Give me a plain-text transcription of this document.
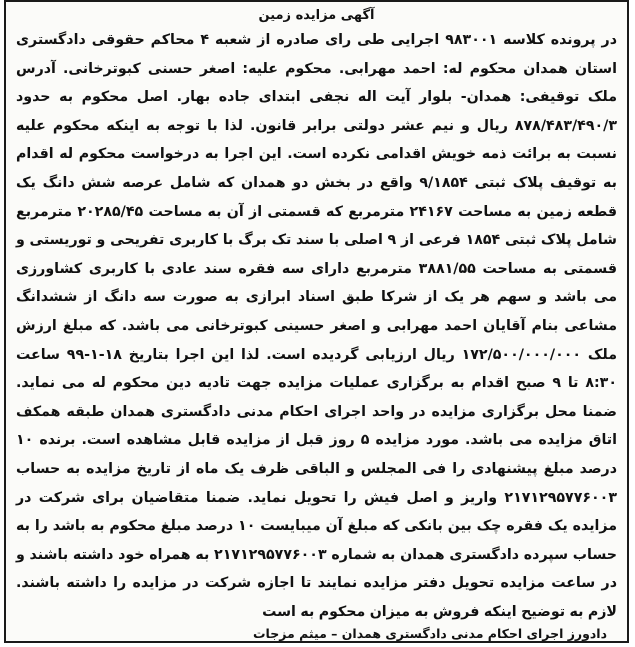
آگهی مزایده زمین

در پرونده کلاسه ۹۸۳۰۰۱ اجرایی طی رای صادره از شعبه ۴ محاکم حقوقی دادگستری استان همدان محکوم له: احمد مهرابی. محکوم علیه: اصغر حسنی کبوترخانی. آدرس ملک توقیفی: همدان- بلوار آیت اله نجفی ابتدای جاده بهار. اصل محکوم به حدود ۸۷۸/۴۸۳/۴۹۰/۳ ریال و نیم عشر دولتی برابر قانون. لذا با توجه به اینکه محکوم علیه نسبت به برائت ذمه خویش اقدامی نکرده است. این اجرا به درخواست محکوم له اقدام به توقیف پلاک ثبتی ۹/۱۸۵۴ واقع در بخش دو همدان که شامل عرصه شش دانگ یک قطعه زمین به مساحت ۲۴۱۶۷ مترمربع که قسمتی از آن به مساحت ۲۰۲۸۵/۴۵ مترمربع شامل پلاک ثبتی ۱۸۵۴ فرعی از ۹ اصلی با سند تک برگ با کاربری تفریحی و توریستی و قسمتی به مساحت ۳۸۸۱/۵۵ مترمربع دارای سه فقره سند عادی با کاربری کشاورزی می باشد و سهم هر یک از شرکا طبق اسناد ابرازی به صورت سه دانگ از ششدانگ مشاعی بنام آقایان احمد مهرابی و اصغر حسینی کبوترخانی می باشد. که مبلغ ارزش ملک ۱۷۲/۵۰۰/۰۰۰/۰۰۰ ریال ارزیابی گردیده است. لذا این اجرا بتاریخ ۱۸-۱-۹۹ ساعت ۸:۳۰ تا ۹ صبح اقدام به برگزاری عملیات مزایده جهت تادیه دین محکوم له می نماید. ضمنا محل برگزاری مزایده در واحد اجرای احکام مدنی دادگستری همدان طبقه همکف اتاق مزایده می باشد. مورد مزایده ۵ روز قبل از مزایده قابل مشاهده است. برنده ۱۰ درصد مبلغ پیشنهادی را فی المجلس و الباقی ظرف یک ماه از تاریخ مزایده به حساب ۲۱۷۱۲۹۵۷۷۶۰۰۳ واریز و اصل فیش را تحویل نماید. ضمنا متقاضیان برای شرکت در مزایده یک فقره چک بین بانکی که مبلغ آن میبایست ۱۰ درصد مبلغ محکوم به باشد را به حساب سپرده دادگستری همدان به شماره ۲۱۷۱۲۹۵۷۷۶۰۰۳ به همراه خود داشته باشند و در ساعت مزایده تحویل دفتر مزایده نمایند تا اجازه شرکت در مزایده را داشته باشند. لازم به توضیح اینکه فروش به میزان محکوم به است

دادورز اجرای احکام مدنی دادگستری همدان – میثم مزجات
